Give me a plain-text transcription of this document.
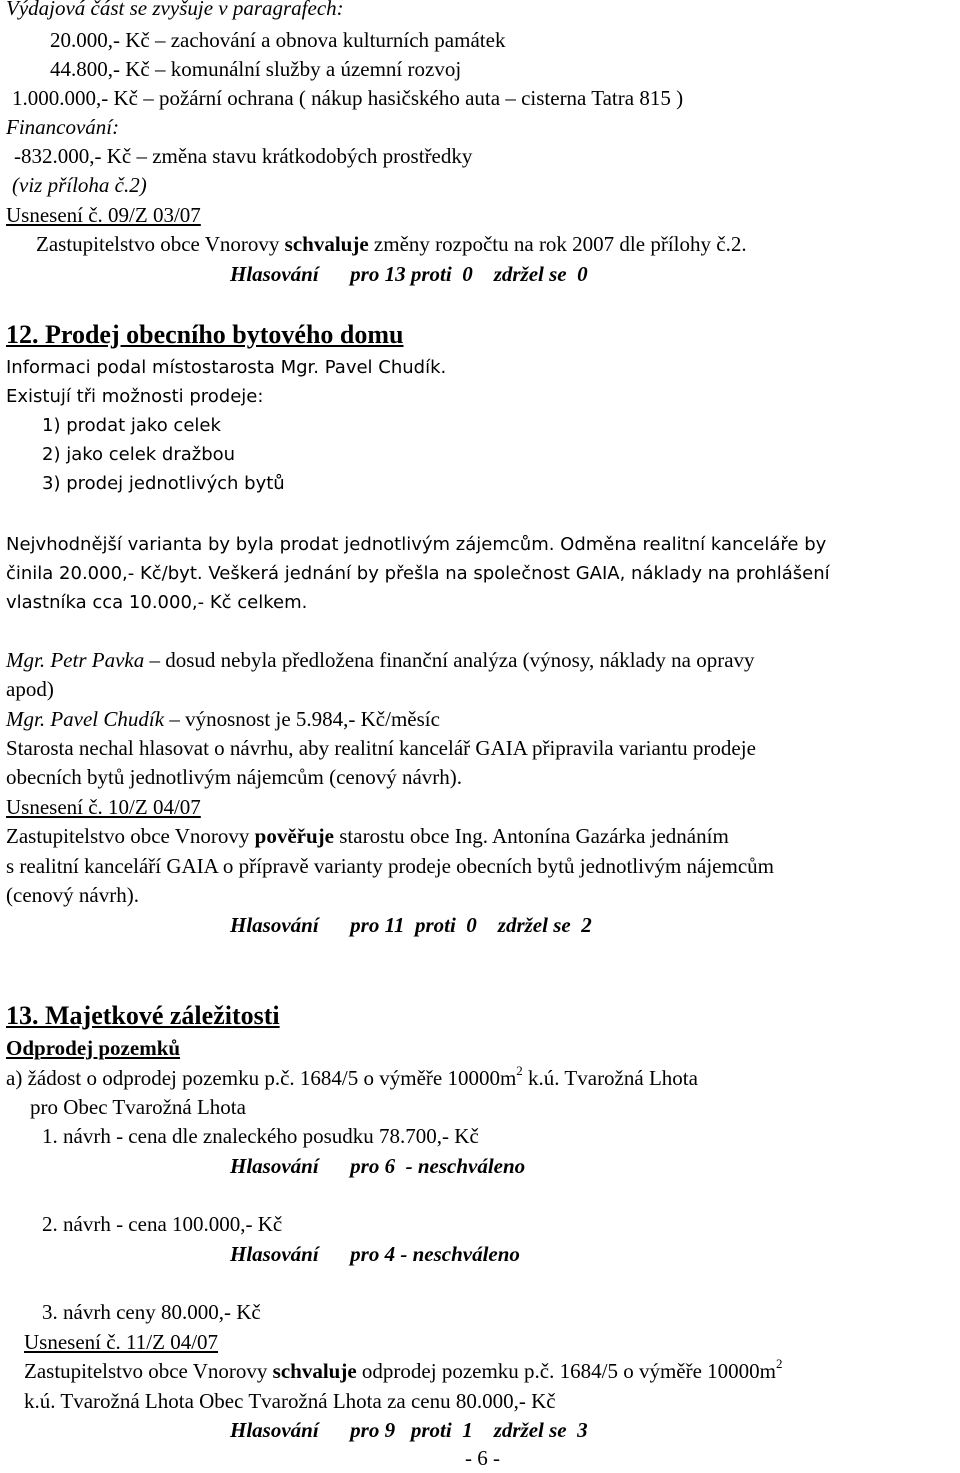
Výdajová část se zvyšuje v paragrafech:
20.000,- Kč – zachování a obnova kulturních památek
44.800,- Kč – komunální služby a územní rozvoj
1.000.000,- Kč – požární ochrana ( nákup hasičského auta – cisterna Tatra 815 )
Financování:
-832.000,- Kč – změna stavu krátkodobých prostředky
(viz příloha č.2)
Usnesení č. 09/Z 03/07
Zastupitelstvo obce Vnorovy schvaluje změny rozpočtu na rok 2007 dle přílohy č.2.
Hlasování      pro 13 proti  0    zdržel se  0
12. Prodej obecního bytového domu
Informaci podal místostarosta Mgr. Pavel Chudík.
Existují tři možnosti prodeje:
1) prodat jako celek
2) jako celek dražbou
3) prodej jednotlivých bytů
Nejvhodnější varianta by byla prodat jednotlivým zájemcům. Odměna realitní kanceláře by
činila 20.000,- Kč/byt. Veškerá jednání by přešla na společnost GAIA, náklady na prohlášení
vlastníka cca 10.000,- Kč celkem.
Mgr. Petr Pavka – dosud nebyla předložena finanční analýza (výnosy, náklady na opravy
apod)
Mgr. Pavel Chudík – výnosnost je 5.984,- Kč/měsíc
Starosta nechal hlasovat o návrhu, aby realitní kancelář GAIA připravila variantu prodeje
obecních bytů jednotlivým nájemcům (cenový návrh).
Usnesení č. 10/Z 04/07
Zastupitelstvo obce Vnorovy pověřuje starostu obce Ing. Antonína Gazárka jednáním
s realitní kanceláří GAIA o přípravě varianty prodeje obecních bytů jednotlivým nájemcům
(cenový návrh).
Hlasování      pro 11  proti  0    zdržel se  2
13. Majetkové záležitosti
Odprodej pozemků
a) žádost o odprodej pozemku p.č. 1684/5 o výměře $10000m^2$ k.ú. Tvarožná Lhota
pro Obec Tvarožná Lhota
1. návrh - cena dle znaleckého posudku 78.700,- Kč
Hlasování      pro 6  - neschváleno
2. návrh - cena 100.000,- Kč
Hlasování      pro 4 - neschváleno
3. návrh ceny 80.000,- Kč
Usnesení č. 11/Z 04/07
Zastupitelstvo obce Vnorovy schvaluje odprodej pozemku p.č. 1684/5 o výměře $10000m^2$
k.ú. Tvarožná Lhota Obec Tvarožná Lhota za cenu 80.000,- Kč
Hlasování      pro 9   proti  1    zdržel se  3
- 6 -
